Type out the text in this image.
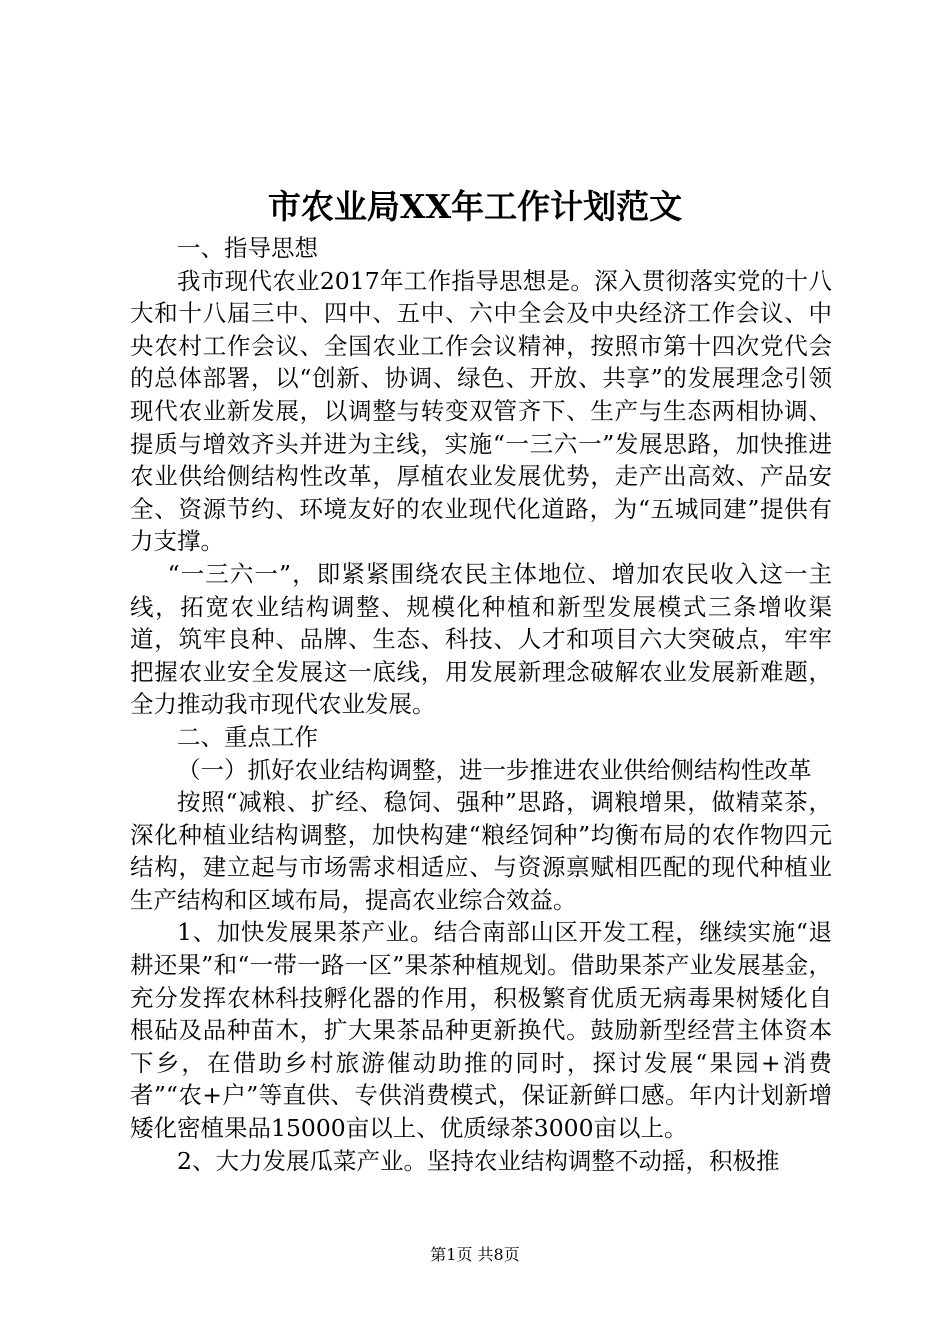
市农业局XX年工作计划范文

一、指导思想

我市现代农业2017年工作指导思想是。深入贯彻落实党的十八大和十八届三中、四中、五中、六中全会及中央经济工作会议、中央农村工作会议、全国农业工作会议精神，按照市第十四次党代会的总体部署，以“创新、协调、绿色、开放、共享”的发展理念引领现代农业新发展，以调整与转变双管齐下、生产与生态两相协调、提质与增效齐头并进为主线，实施“一三六一”发展思路，加快推进农业供给侧结构性改革，厚植农业发展优势，走产出高效、产品安全、资源节约、环境友好的农业现代化道路，为“五城同建”提供有力支撑。

“一三六一”，即紧紧围绕农民主体地位、增加农民收入这一主线，拓宽农业结构调整、规模化种植和新型发展模式三条增收渠道，筑牢良种、品牌、生态、科技、人才和项目六大突破点，牢牢把握农业安全发展这一底线，用发展新理念破解农业发展新难题，全力推动我市现代农业发展。

二、重点工作

（一）抓好农业结构调整，进一步推进农业供给侧结构性改革

按照“减粮、扩经、稳饲、强种”思路，调粮增果，做精菜茶，深化种植业结构调整，加快构建“粮经饲种”均衡布局的农作物四元结构，建立起与市场需求相适应、与资源禀赋相匹配的现代种植业生产结构和区域布局，提高农业综合效益。

1、加快发展果茶产业。结合南部山区开发工程，继续实施“退耕还果”和“一带一路一区”果茶种植规划。借助果茶产业发展基金，充分发挥农林科技孵化器的作用，积极繁育优质无病毒果树矮化自根砧及品种苗木，扩大果茶品种更新换代。鼓励新型经营主体资本下乡，在借助乡村旅游催动助推的同时，探讨发展“果园+消费者”“农+户”等直供、专供消费模式，保证新鲜口感。年内计划新增矮化密植果品15000亩以上、优质绿茶3000亩以上。

2、大力发展瓜菜产业。坚持农业结构调整不动摇，积极推

第1页 共8页
